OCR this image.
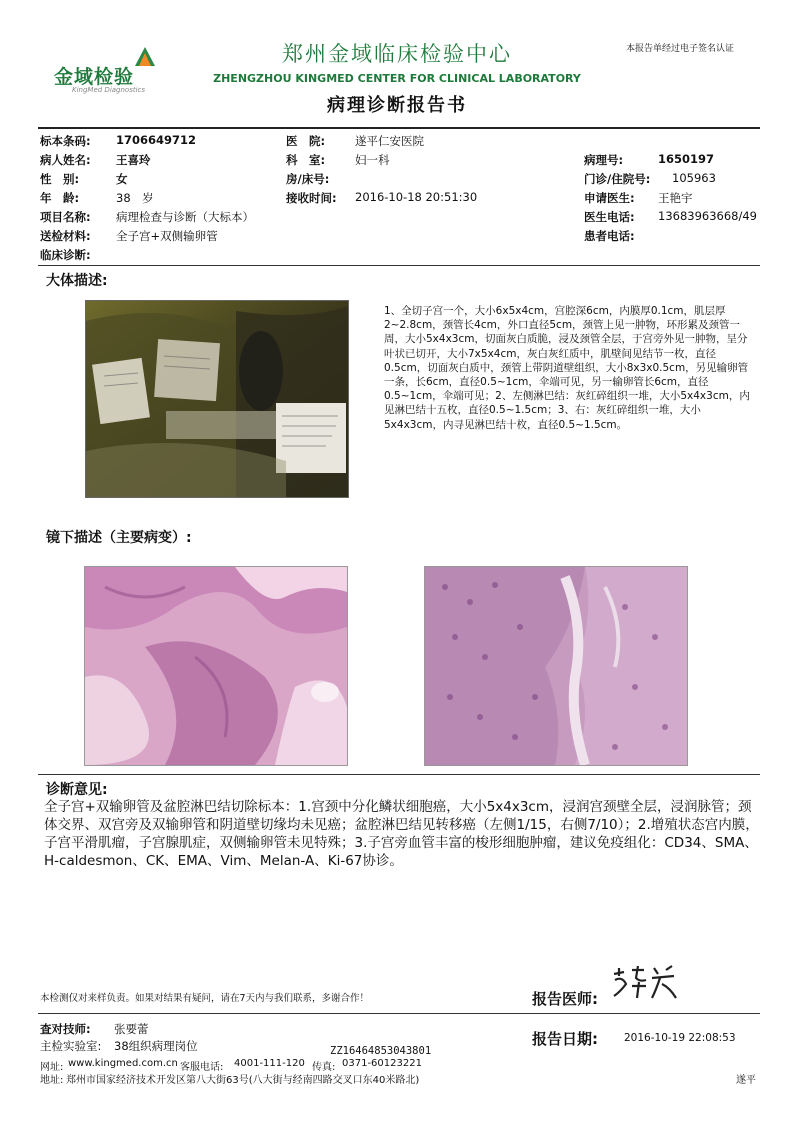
金域检验
KingMed Diagnostics
郑州金域临床检验中心
ZHENGZHOU KINGMED CENTER FOR CLINICAL LABORATORY
病理诊断报告书
本报告单经过电子签名认证
标本条码: 1706649712	医　院:	遂平仁安医院
病人姓名: 王喜玲	科　室:	妇一科	病理号:	1650197
性　别:	女	房/床号:	门诊/住院号: 105963
年　龄:	38　岁	接收时间: 2016-10-18 20:51:30	申请医生: 王艳宇
项目名称: 病理检查与诊断（大标本）	医生电话: 13683963668/49
送检材料: 全子宫+双侧输卵管	患者电话:
临床诊断:
大体描述:
1、全切子宫一个，大小6x5x4cm，宫腔深6cm，内膜厚0.1cm，肌层厚2~2.8cm，颈管长4cm，外口直径5cm，颈管上见一肿物，环形累及颈管一周，大小5x4x3cm，切面灰白质脆，浸及颈管全层，于宫旁外见一肿物，呈分叶状已切开，大小7x5x4cm，灰白灰红质中，肌壁间见结节一枚，直径0.5cm，切面灰白质中，颈管上带阴道壁组织，大小8x3x0.5cm，另见输卵管一条，长6cm，直径0.5~1cm，伞端可见，另一输卵管长6cm，直径0.5~1cm，伞端可见；2、左侧淋巴结：灰红碎组织一堆，大小5x4x3cm，内见淋巴结十五枚，直径0.5~1.5cm；3、右：灰红碎组织一堆，大小5x4x3cm，内寻见淋巴结十枚，直径0.5~1.5cm。
镜下描述（主要病变）:
诊断意见:
全子宫+双输卵管及盆腔淋巴结切除标本：1.宫颈中分化鳞状细胞癌，大小5x4x3cm，浸润宫颈壁全层，浸润脉管；颈体交界、双宫旁及双输卵管和阴道壁切缘均未见癌；盆腔淋巴结见转移癌（左侧1/15，右侧7/10）；2.增殖状态宫内膜，子宫平滑肌瘤，子宫腺肌症，双侧输卵管未见特殊；3.子宫旁血管丰富的梭形细胞肿瘤，建议免疫组化：CD34、SMA、H-caldesmon、CK、EMA、Vim、Melan-A、Ki-67协诊。
本检测仅对来样负责。如果对结果有疑问，请在7天内与我们联系，多谢合作！	报告医师:
查对技师: 张要蕾
主检实验室: 38组织病理岗位	报告日期: 2016-10-19 22:08:53
ZZ16464853043801
网址: www.kingmed.com.cn 客服电话: 4001-111-120 传真: 0371-60123221
地址: 郑州市国家经济技术开发区第八大街63号(八大街与经南四路交叉口东40米路北)	遂平
